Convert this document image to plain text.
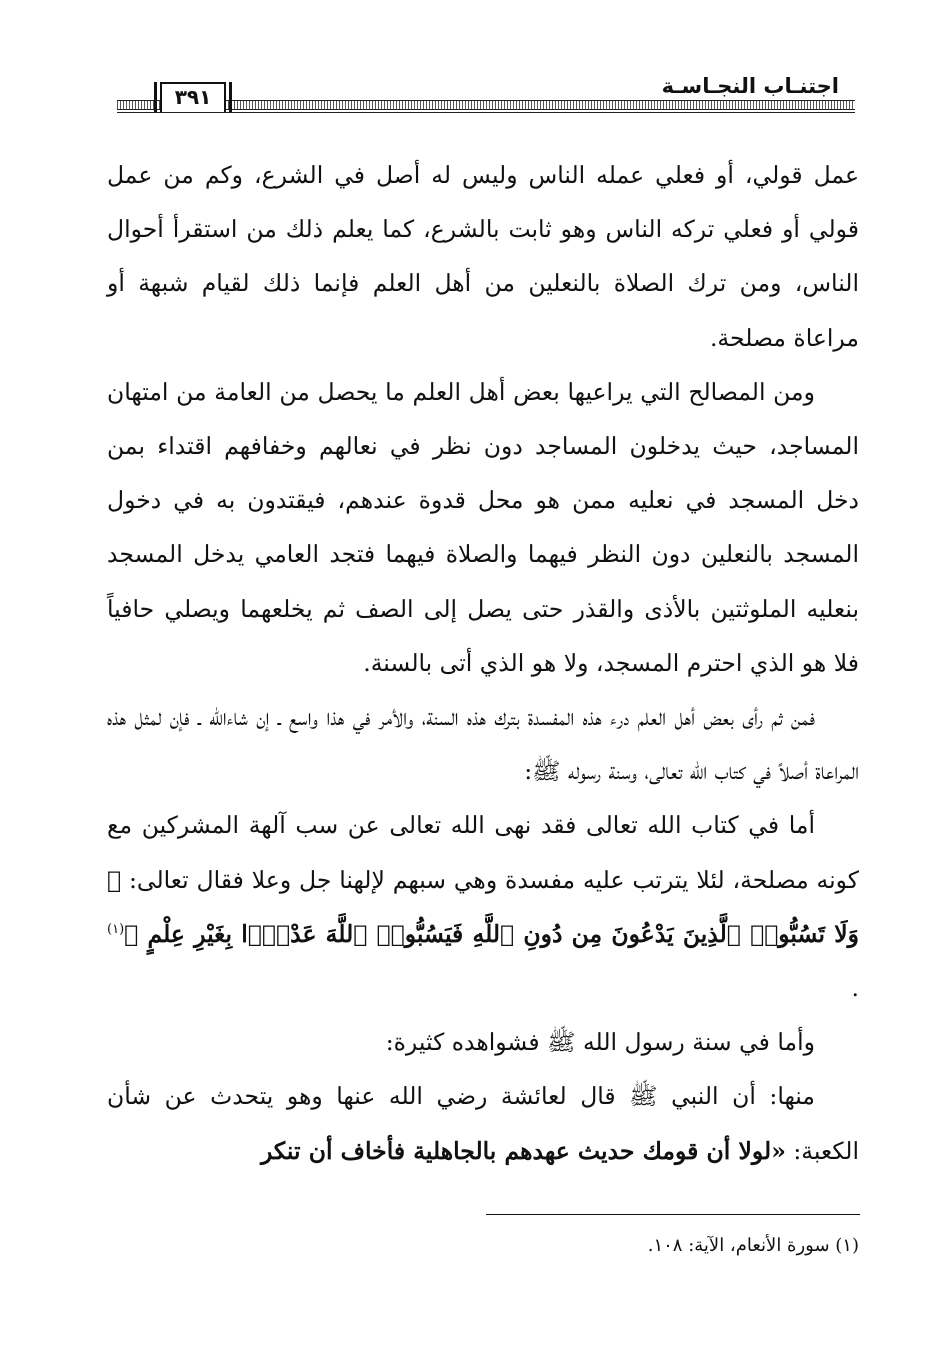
اجتنـاب النجـاسـة
٣٩١

عمل قولي، أو فعلي عمله الناس وليس له أصل في الشرع، وكم من عمل قولي أو فعلي تركه الناس وهو ثابت بالشرع، كما يعلم ذلك من استقرأ أحوال الناس، ومن ترك الصلاة بالنعلين من أهل العلم فإنما ذلك لقيام شبهة أو مراعاة مصلحة.

ومن المصالح التي يراعيها بعض أهل العلم ما يحصل من العامة من امتهان المساجد، حيث يدخلون المساجد دون نظر في نعالهم وخفافهم اقتداء بمن دخل المسجد في نعليه ممن هو محل قدوة عندهم، فيقتدون به في دخول المسجد بالنعلين دون النظر فيهما والصلاة فيهما فتجد العامي يدخل المسجد بنعليه الملوثتين بالأذى والقذر حتى يصل إلى الصف ثم يخلعهما ويصلي حافياً فلا هو الذي احترم المسجد، ولا هو الذي أتى بالسنة.

فمن ثم رأى بعض أهل العلم درء هذه المفسدة بترك هذه السنة، والأمر في هذا واسع ـ إن شاءالله ـ فإن لمثل هذه المراعاة أصلاً في كتاب الله تعالى، وسنة رسوله ﷺ:

أما في كتاب الله تعالى فقد نهى الله تعالى عن سب آلهة المشركين مع كونه مصلحة، لئلا يترتب عليه مفسدة وهي سبهم لإلهنا جل وعلا فقال تعالى: ﴿ وَلَا تَسُبُّوا۟ ٱلَّذِينَ يَدْعُونَ مِن دُونِ ٱللَّهِ فَيَسُبُّوا۟ ٱللَّهَ عَدْوًۢا بِغَيْرِ عِلْمٍ ﴾$^{(١)}$ .

وأما في سنة رسول الله ﷺ فشواهده كثيرة:

منها: أن النبي ﷺ قال لعائشة رضي الله عنها وهو يتحدث عن شأن الكعبة: «لولا أن قومك حديث عهدهم بالجاهلية فأخاف أن تنكر

(١) سورة الأنعام، الآية: ١٠٨.
